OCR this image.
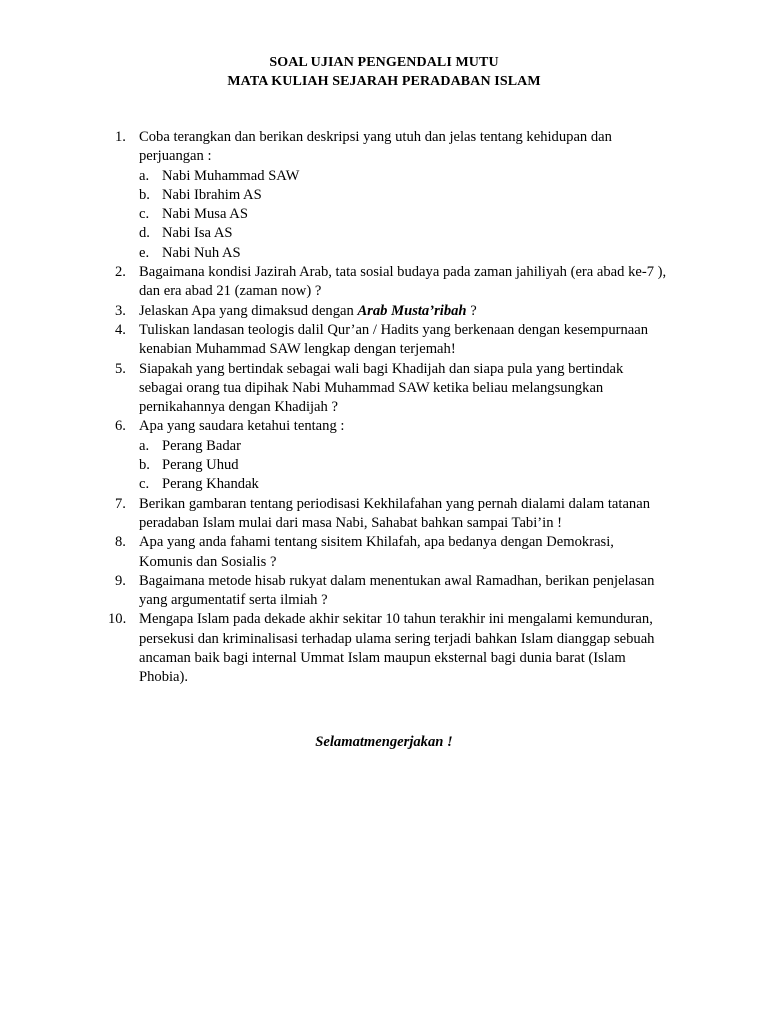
SOAL UJIAN PENGENDALI MUTU
MATA KULIAH SEJARAH PERADABAN ISLAM
1. Coba terangkan dan berikan deskripsi yang utuh dan jelas tentang kehidupan dan perjuangan :
a. Nabi Muhammad SAW
b. Nabi Ibrahim AS
c. Nabi Musa AS
d. Nabi Isa AS
e. Nabi Nuh AS
2. Bagaimana kondisi Jazirah Arab, tata sosial budaya pada zaman jahiliyah (era abad ke-7 ), dan era abad 21 (zaman now) ?
3. Jelaskan Apa yang dimaksud dengan Arab Musta’ribah ?
4. Tuliskan landasan teologis dalil Qur’an / Hadits yang berkenaan dengan kesempurnaan kenabian Muhammad SAW lengkap dengan terjemah!
5. Siapakah yang bertindak sebagai wali bagi Khadijah dan siapa pula yang bertindak sebagai orang tua dipihak Nabi Muhammad SAW ketika beliau melangsungkan pernikahannya dengan Khadijah ?
6. Apa yang saudara ketahui tentang :
a. Perang Badar
b. Perang Uhud
c. Perang Khandak
7. Berikan gambaran tentang periodisasi Kekhilafahan yang pernah dialami dalam tatanan peradaban Islam mulai dari masa Nabi, Sahabat bahkan sampai Tabi’in !
8. Apa yang anda fahami tentang sisitem Khilafah, apa bedanya dengan Demokrasi, Komunis dan Sosialis ?
9. Bagaimana metode hisab rukyat dalam menentukan awal Ramadhan, berikan penjelasan yang argumentatif serta ilmiah ?
10. Mengapa Islam pada dekade akhir sekitar 10 tahun terakhir ini mengalami kemunduran, persekusi dan kriminalisasi terhadap ulama sering terjadi bahkan Islam dianggap sebuah ancaman baik bagi internal Ummat Islam maupun eksternal bagi dunia barat (Islam Phobia).
Selamatmengerjakan !
